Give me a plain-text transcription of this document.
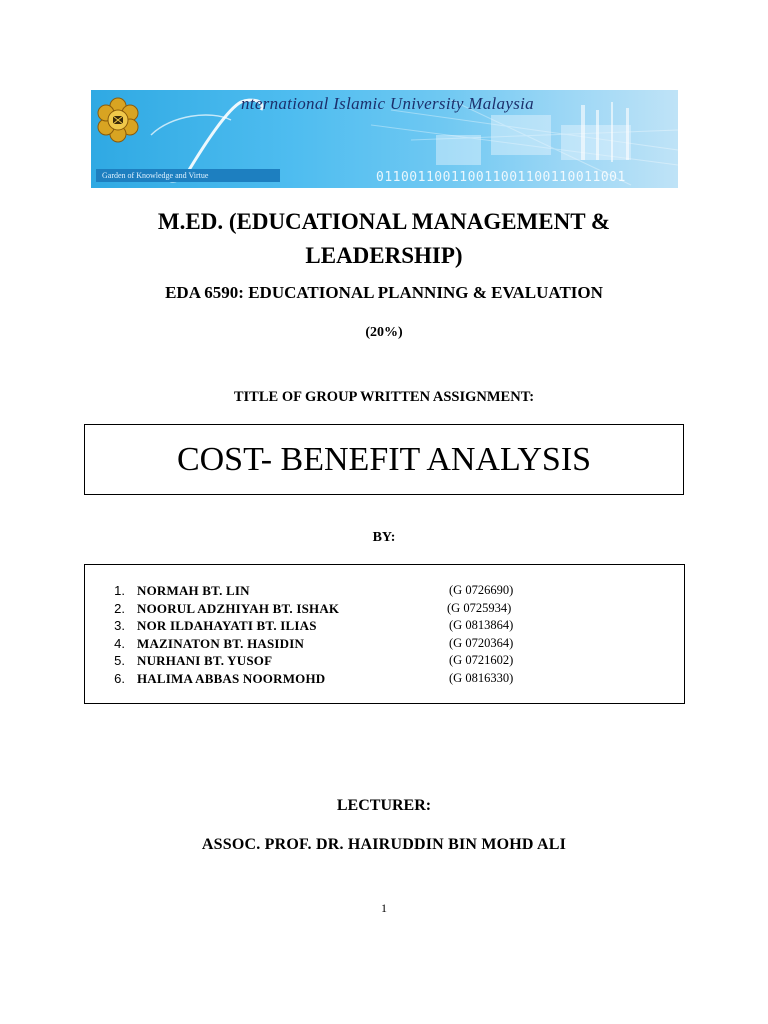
nternational Islamic University Malaysia
Garden of Knowledge and Virtue	011001100110011001100110011001
M.ED. (EDUCATIONAL MANAGEMENT &
LEADERSHIP)
EDA 6590: EDUCATIONAL PLANNING & EVALUATION
(20%)
TITLE OF GROUP WRITTEN ASSIGNMENT:
COST- BENEFIT ANALYSIS
BY:
1. NORMAH BT. LIN	(G 0726690)
2. NOORUL ADZHIYAH BT. ISHAK	(G 0725934)
3. NOR ILDAHAYATI BT. ILIAS	(G 0813864)
4. MAZINATON BT. HASIDIN	(G 0720364)
5. NURHANI BT. YUSOF	(G 0721602)
6. HALIMA ABBAS NOORMOHD	(G 0816330)
LECTURER:
ASSOC. PROF. DR. HAIRUDDIN BIN MOHD ALI
1
